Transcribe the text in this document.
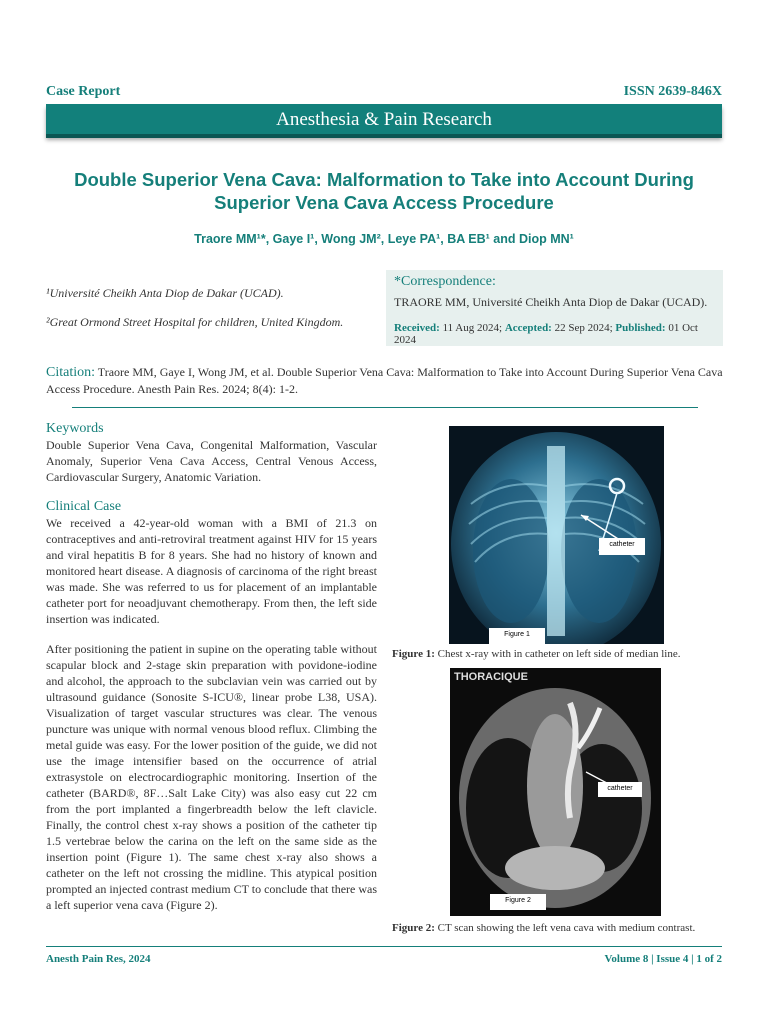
Case Report	ISSN 2639-846X
Anesthesia & Pain Research
Double Superior Vena Cava: Malformation to Take into Account During Superior Vena Cava Access Procedure
Traore MM¹*, Gaye I¹, Wong JM², Leye PA¹, BA EB¹ and Diop MN¹
¹Université Cheikh Anta Diop de Dakar (UCAD).
²Great Ormond Street Hospital for children, United Kingdom.
*Correspondence:
TRAORE MM, Université Cheikh Anta Diop de Dakar (UCAD).
Received: 11 Aug 2024; Accepted: 22 Sep 2024; Published: 01 Oct 2024
Citation: Traore MM, Gaye I, Wong JM, et al. Double Superior Vena Cava: Malformation to Take into Account During Superior Vena Cava Access Procedure. Anesth Pain Res. 2024; 8(4): 1-2.
Keywords
Double Superior Vena Cava, Congenital Malformation, Vascular Anomaly, Superior Vena Cava Access, Central Venous Access, Cardiovascular Surgery, Anatomic Variation.
Clinical Case
We received a 42-year-old woman with a BMI of 21.3 on contraceptives and anti-retroviral treatment against HIV for 15 years and viral hepatitis B for 8 years. She had no history of known and monitored heart disease. A diagnosis of carcinoma of the right breast was made. She was referred to us for placement of an implantable catheter port for neoadjuvant chemotherapy. From then, the left side insertion was indicated.
After positioning the patient in supine on the operating table without scapular block and 2-stage skin preparation with povidone-iodine and alcohol, the approach to the subclavian vein was carried out by ultrasound guidance (Sonosite S-ICU®, linear probe L38, USA). Visualization of target vascular structures was clear. The venous puncture was unique with normal venous blood reflux. Climbing the metal guide was easy. For the lower position of the guide, we did not use the image intensifier based on the occurrence of atrial extrasystole on electrocardiographic monitoring. Insertion of the catheter (BARD®, 8F…Salt Lake City) was also easy cut 22 cm from the port implanted a fingerbreadth below the left clavicle. Finally, the control chest x-ray shows a position of the catheter tip 1.5 vertebrae below the carina on the left on the same side as the insertion point (Figure 1). The same chest x-ray also shows a catheter on the left not crossing the midline. This atypical position prompted an injected contrast medium CT to conclude that there was a left superior vena cava (Figure 2).
catheter
Figure 1
Figure 1: Chest x-ray with in catheter on left side of median line.
THORACIQUE
catheter
Figure 2
Figure 2: CT scan showing the left vena cava with medium contrast.
Anesth Pain Res, 2024	Volume 8 | Issue 4 | 1 of 2
